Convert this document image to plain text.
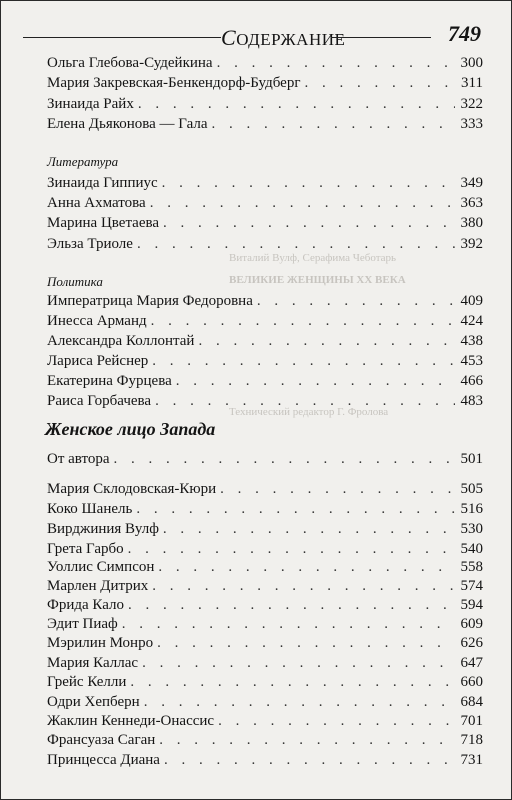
Виталий Вулф, Серафима Чеботарь
ВЕЛИКИЕ ЖЕНЩИНЫ XX ВЕКА
Технический редактор Г. Фролова
СОДЕРЖАНИЕ	749
Ольга Глебова-Судейкина . . .	300
Мария Закревская-Бенкендорф-Будберг . . .	311
Зинаида Райх . . .	322
Елена Дьяконова — Гала . . .	333
Литература
Зинаида Гиппиус . . .	349
Анна Ахматова . . .	363
Марина Цветаева . . .	380
Эльза Триоле . . .	392
Политика
Императрица Мария Федоровна . . .	409
Инесса Арманд . . .	424
Александра Коллонтай . . .	438
Лариса Рейснер . . .	453
Екатерина Фурцева . . .	466
Раиса Горбачева . . .	483
Женское лицо Запада
От автора . . .	501
Мария Склодовская-Кюри . . .	505
Коко Шанель . . .	516
Вирджиния Вулф . . .	530
Грета Гарбо . . .	540
Уоллис Симпсон . . .	558
Марлен Дитрих . . .	574
Фрида Кало . . .	594
Эдит Пиаф . . .	609
Мэрилин Монро . . .	626
Мария Каллас . . .	647
Грейс Келли . . .	660
Одри Хепберн . . .	684
Жаклин Кеннеди-Онассис . . .	701
Франсуаза Саган . . .	718
Принцесса Диана . . .	731
